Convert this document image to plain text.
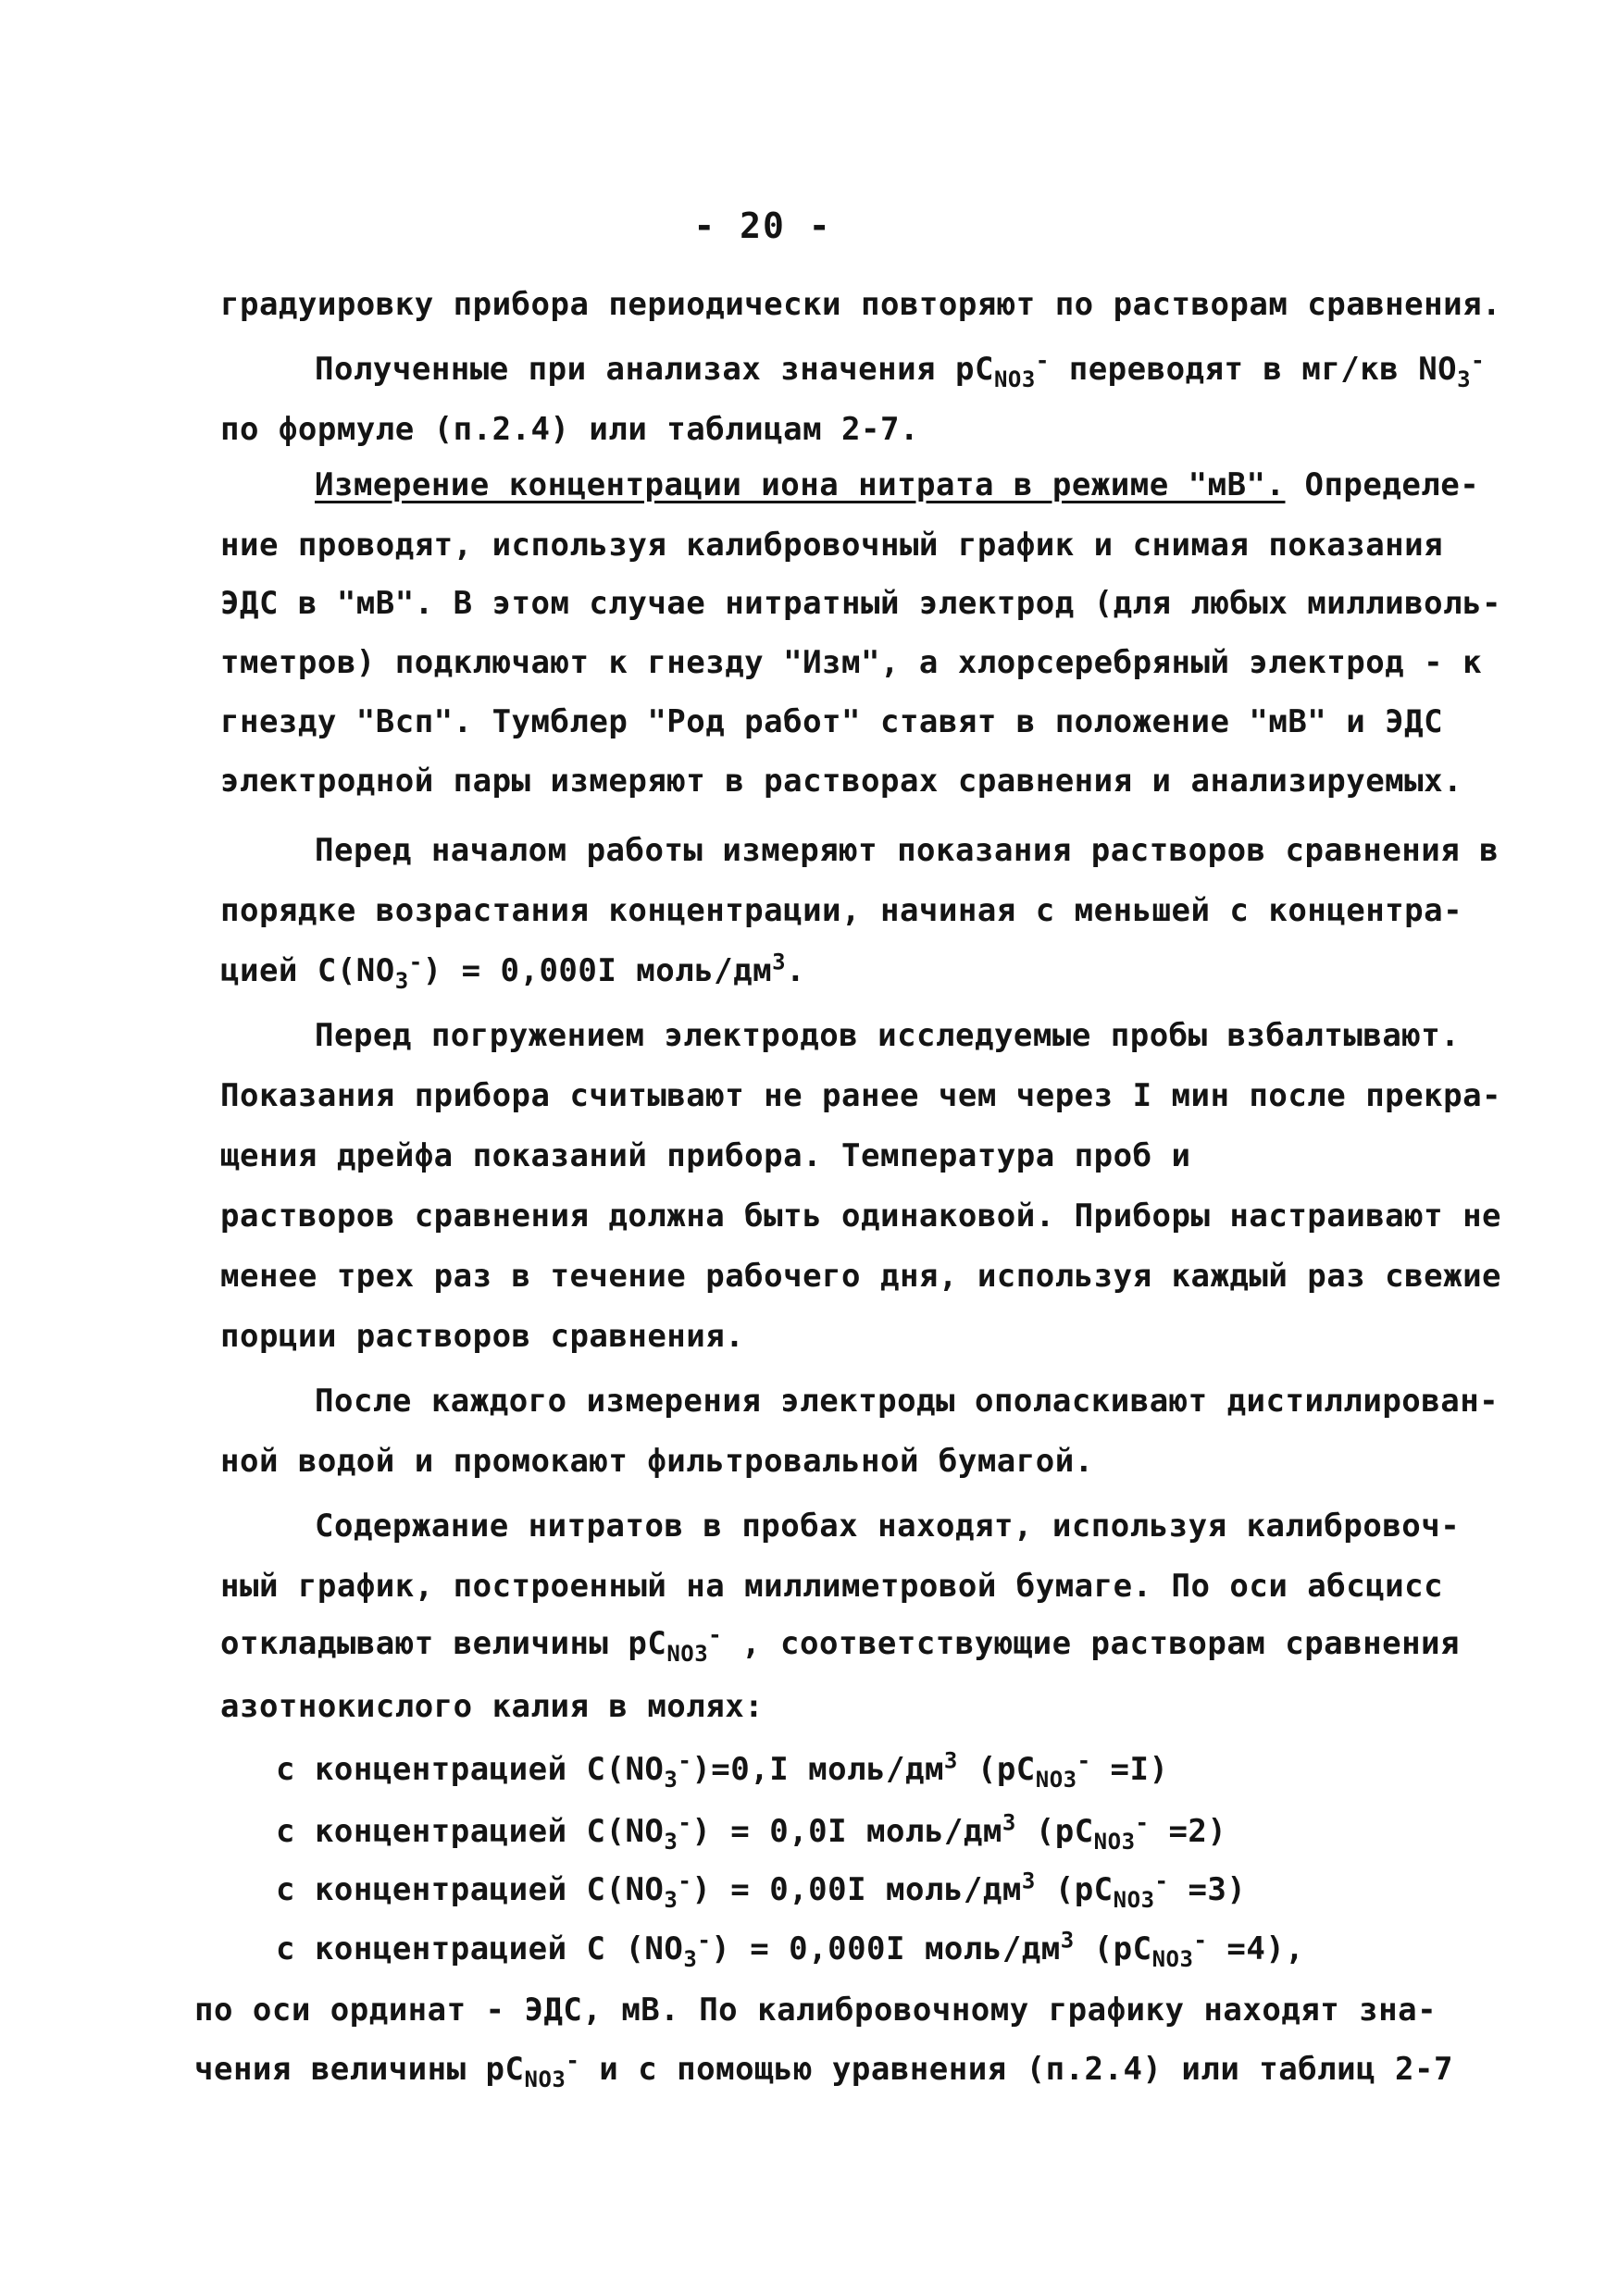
- 20 -
градуировку прибора периодически повторяют по растворам сравнения.
Полученные при анализах значения $рС_{NO3}^-$ переводят в мг/кв $NO_3^-$
по формуле (п.2.4) или таблицам 2-7.
Измерение концентрации иона нитрата в режиме "мВ". Определе-
ние проводят, используя калибровочный график и снимая показания
ЭДС в "мВ". В этом случае нитратный электрод (для любых милливоль-
тметров) подключают к гнезду "Изм", а хлорсеребряный электрод - к
гнезду "Всп". Тумблер "Род работ" ставят в положение "мВ" и ЭДС
электродной пары измеряют в растворах сравнения и анализируемых.
Перед началом работы измеряют показания растворов сравнения в
порядке возрастания концентрации, начиная с меньшей с концентра-
цией $С(NO_3^-) = 0,000I$ моль/$дм^3$.
Перед погружением электродов исследуемые пробы взбалтывают.
Показания прибора считывают не ранее чем через I мин после прекра-
щения дрейфа показаний прибора. Температура проб и
растворов сравнения должна быть одинаковой. Приборы настраивают не
менее трех раз в течение рабочего дня, используя каждый раз свежие
порции растворов сравнения.
После каждого измерения электроды ополаскивают дистиллирован-
ной водой и промокают фильтровальной бумагой.
Содержание нитратов в пробах находят, используя калибровоч-
ный график, построенный на миллиметровой бумаге. По оси абсцисс
откладывают величины $рС_{NO3}^-$ , соответствующие растворам сравнения
азотнокислого калия в молях:
с концентрацией $С(NO_3^-)=0,I$ моль/$дм^3$ $(рС_{NO3}^- =I)$
с концентрацией $С(NO_3^-) = 0,0I$ моль/$дм^3$ $(рС_{NO3}^- =2)$
с концентрацией $С(NO_3^-) = 0,00I$ моль/$дм^3$ $(рС_{NO3}^- =3)$
с концентрацией С $(NO_3^-) = 0,000I$ моль/$дм^3$ $(рС_{NO3}^- =4)$,
по оси ординат - ЭДС, мВ. По калибровочному графику находят зна-
чения величины $рС_{NO3}^-$ и с помощью уравнения (п.2.4) или таблиц 2-7
